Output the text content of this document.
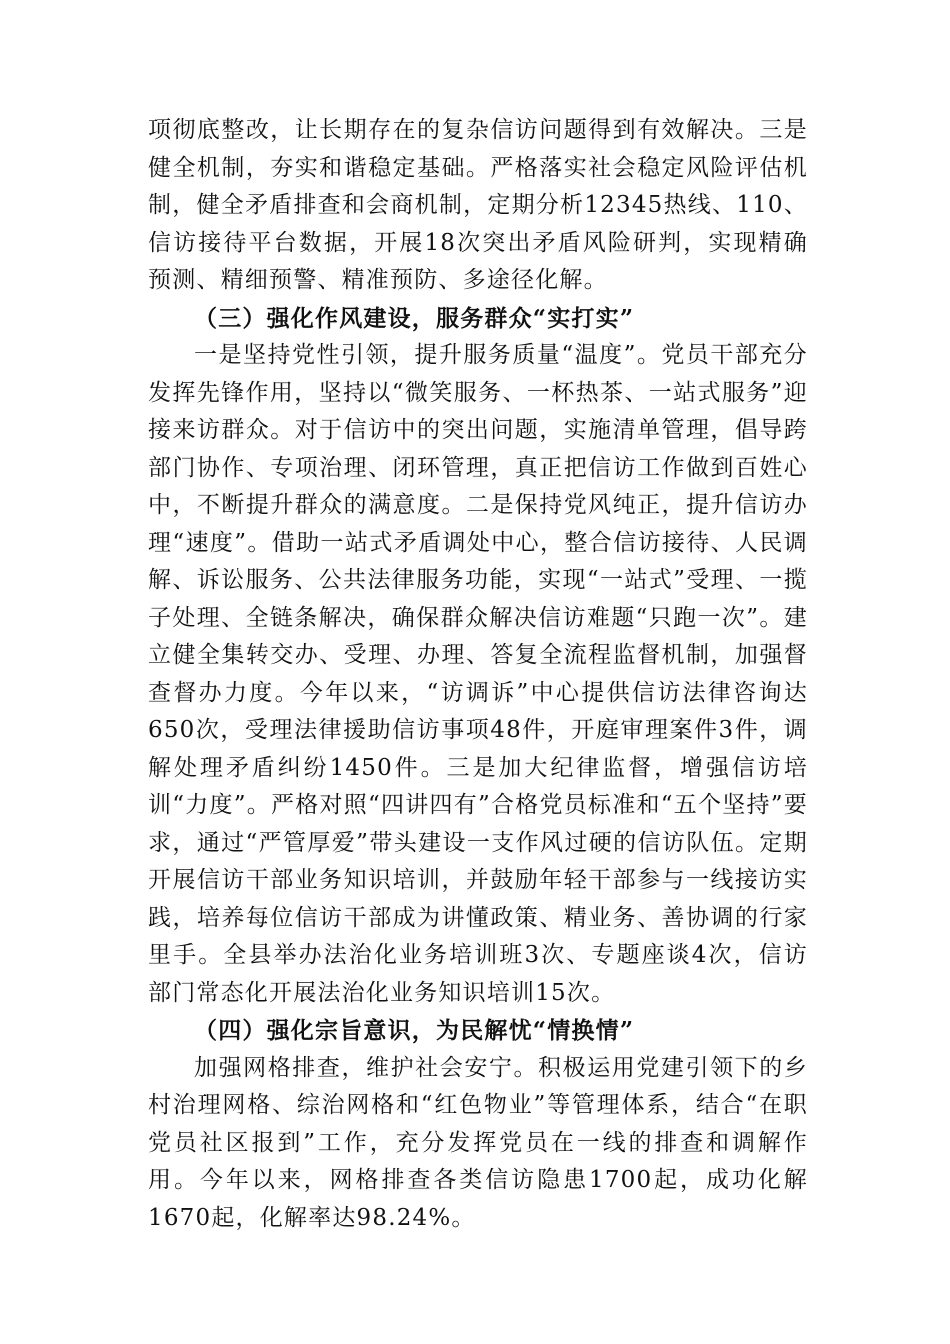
项彻底整改，让长期存在的复杂信访问题得到有效解决。三是健全机制，夯实和谐稳定基础。严格落实社会稳定风险评估机制，健全矛盾排查和会商机制，定期分析12345热线、110、信访接待平台数据，开展18次突出矛盾风险研判，实现精确预测、精细预警、精准预防、多途径化解。

（三）强化作风建设，服务群众“实打实”

一是坚持党性引领，提升服务质量“温度”。党员干部充分发挥先锋作用，坚持以“微笑服务、一杯热茶、一站式服务”迎接来访群众。对于信访中的突出问题，实施清单管理，倡导跨部门协作、专项治理、闭环管理，真正把信访工作做到百姓心中，不断提升群众的满意度。二是保持党风纯正，提升信访办理“速度”。借助一站式矛盾调处中心，整合信访接待、人民调解、诉讼服务、公共法律服务功能，实现“一站式”受理、一揽子处理、全链条解决，确保群众解决信访难题“只跑一次”。建立健全集转交办、受理、办理、答复全流程监督机制，加强督查督办力度。今年以来，“访调诉”中心提供信访法律咨询达650次，受理法律援助信访事项48件，开庭审理案件3件，调解处理矛盾纠纷1450件。三是加大纪律监督，增强信访培训“力度”。严格对照“四讲四有”合格党员标准和“五个坚持”要求，通过“严管厚爱”带头建设一支作风过硬的信访队伍。定期开展信访干部业务知识培训，并鼓励年轻干部参与一线接访实践，培养每位信访干部成为讲懂政策、精业务、善协调的行家里手。全县举办法治化业务培训班3次、专题座谈4次，信访部门常态化开展法治化业务知识培训15次。

（四）强化宗旨意识，为民解忧“情换情”

加强网格排查，维护社会安宁。积极运用党建引领下的乡村治理网格、综治网格和“红色物业”等管理体系，结合“在职党员社区报到”工作，充分发挥党员在一线的排查和调解作用。今年以来，网格排查各类信访隐患1700起，成功化解1670起，化解率达98.24%。
